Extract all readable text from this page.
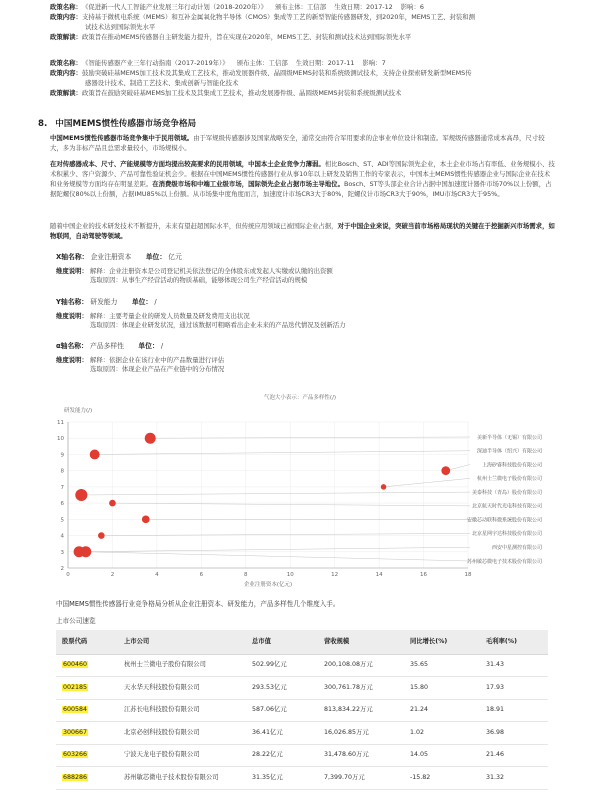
政策名称： 《促进新一代人工智能产业发展三年行动计划（2018-2020年）》 颁布主体： 工信部 生效日期： 2017-12 影响： 6
政策内容： 支持基于微机电系统（MEMS）和互补金属氧化物半导体（CMOS）集成等工艺的新型智能传感器研发，到2020年，MEMS工艺、封装和测
试技术达到国际领先水平
政策解读： 政策旨在推动MEMS传感器自主研发能力提升，旨在实现在2020年，MEMS工艺、封装和测试技术达到国际领先水平
政策名称： 《智能传感器产业三年行动指南（2017-2019年）》 颁布主体： 工信部 生效日期： 2017-11 影响： 7
政策内容： 鼓励突破硅基MEMS加工技术及其集成工艺技术，推动发展器件级、晶圆级MEMS封装和系统级测试技术，支持企业探索研发新型MEMS传
感器设计技术、制造工艺技术、集成创新与智能化技术
政策解读： 政策旨在鼓励突破硅基MEMS加工技术及其集成工艺技术，推动发展器件级、晶圆级MEMS封装和系统级测试技术
8. 中国MEMS惯性传感器市场竞争格局
中国MEMS惯性传感器市场竞争集中于民用领域。由于军规级传感器涉及国家战略安全，通常交由符合军用要求的企事业单位设计和制造。军规级传感器通常成本高昂，尺寸较大，多为非标产品且总需求量较小，市场规模小。
在对传感器成本、尺寸、产能规模等方面均提出较高要求的民用领域，中国本土企业竞争力薄弱。相比Bosch、ST、ADI等国际领先企业，本土企业市场占有率低、业务规模小、技术积累少、客户资源少、产品可靠性验证机会少。根据在中国MEMS惯性传感器行业从事10年以上研发及销售工作的专家表示，中国本土MEMS惯性传感器企业与国际企业在技术和业务规模等方面均存在明显差距。在消费级市场和中端工业级市场，国际领先企业占据市场主导地位。Bosch、ST等头部企业合计占据中国加速度计器件市场70%以上份额，占据陀螺仪80%以上份额，占据IMU85%以上份额。从市场集中度角度而言，加速度计市场CR3大于80%，陀螺仪计市场CR3大于90%，IMU市场CR3大于95%。
随着中国企业的技术研发技术不断提升，未来有望赶超国际水平，但传统应用领域已被国际企业占据，对于中国企业来说，突破当前市场格局现状的关键在于挖掘新兴市场需求，如物联网，自动驾驶等领域。
X轴名称： 企业注册资本 单位： 亿元
维度说明： 解释：企业注册资本是公司登记机关依法登记的全体股东或发起人实缴或认缴的出资额
选取原因：从事生产经营活动的物质基础，能够体现公司生产经营活动的规模
Y轴名称： 研发能力 单位： /
维度说明： 解释：主要考量企业的研发人员数量及研发费用支出状况
选取原因：体现企业研发状况，通过该数据可粗略看出企业未来的产品迭代情况及创新活力
α轴名称： 产品多样性 单位： /
维度说明： 解释：依据企业在该行业中的产品数量进行评估
选取原因：体现企业产品在产业链中的分布情况
气泡大小表示：产品多样性(/)
研发能力(/)
企业注册资本(亿元)
2
3
4
5
6
7
8
9
10
11
0	2	4	6	8	10	12	14	16	18
美新半导体（无锡）有限公司
深迪半导体（绍兴）有限公司
上海矽睿科技股份有限公司
杭州士兰微电子股份有限公司
美泰科技（青岛）股份有限公司
北京航天时代光电科技有限公司
安徽芯动联科微系统股份有限公司
北京星网宇达科技股份有限公司
西安中星测控有限公司
苏州敏芯微电子技术股份有限公司
中国MEMS惯性传感器行业竞争格局分析从企业注册资本、研发能力，产品多样性几个维度入手。
上市公司速览
股票代码	上市公司	总市值	营收规模	同比增长(%)	毛利率(%)
600460	杭州士兰微电子股份有限公司	502.99亿元	200,108.08万元	35.65	31.43
002185	天水华天科技股份有限公司	293.53亿元	300,761.78万元	15.80	17.93
600584	江苏长电科技股份有限公司	587.06亿元	813,834.22万元	21.24	18.91
300667	北京必创科技股份有限公司	36.41亿元	16,026.85万元	1.02	36.98
603266	宁波天龙电子股份有限公司	28.22亿元	31,478.60万元	14.05	21.46
688286	苏州敏芯微电子技术股份有限公司	31.35亿元	7,399.70万元	-15.82	31.32
